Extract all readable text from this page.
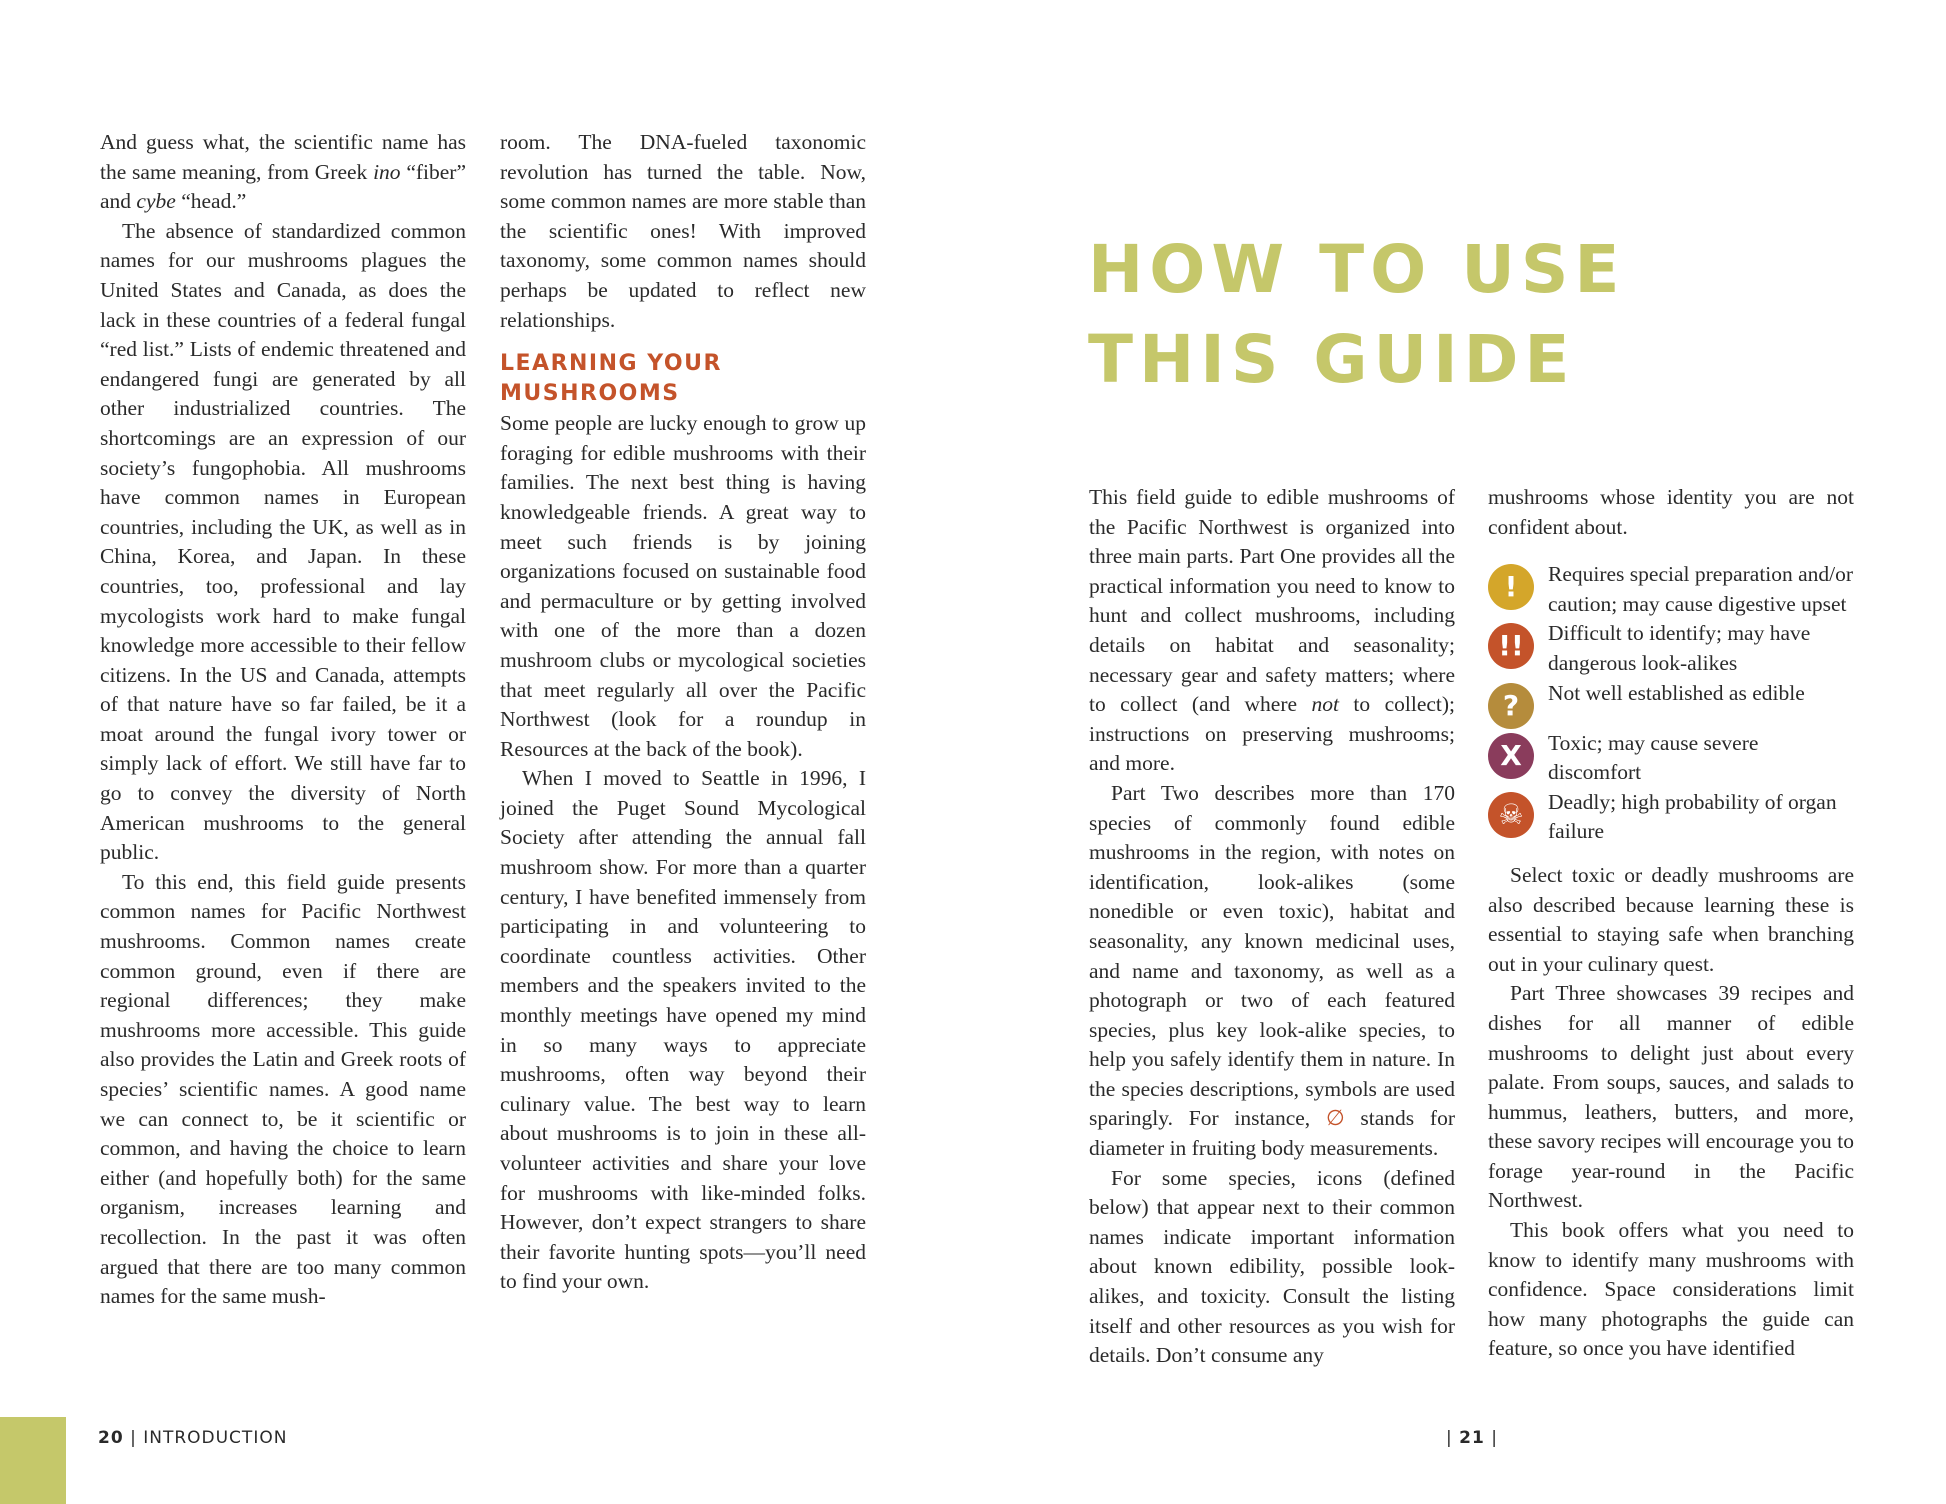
And guess what, the scientific name has the same meaning, from Greek ino “fiber” and cybe “head.”

The absence of standardized common names for our mushrooms plagues the United States and Canada, as does the lack in these countries of a federal fungal “red list.” Lists of endemic threatened and endangered fungi are generated by all other industrialized countries. The shortcomings are an expression of our society’s fungophobia. All mushrooms have common names in European countries, including the UK, as well as in China, Korea, and Japan. In these countries, too, professional and lay mycologists work hard to make fungal knowledge more accessible to their fellow citizens. In the US and Canada, attempts of that nature have so far failed, be it a moat around the fungal ivory tower or simply lack of effort. We still have far to go to convey the diversity of North American mushrooms to the general public.

To this end, this field guide presents common names for Pacific Northwest mushrooms. Common names create common ground, even if there are regional differences; they make mushrooms more accessible. This guide also provides the Latin and Greek roots of species’ scientific names. A good name we can connect to, be it scientific or common, and having the choice to learn either (and hopefully both) for the same organism, increases learning and recollection. In the past it was often argued that there are too many common names for the same mush-

room. The DNA-fueled taxonomic revolution has turned the table. Now, some common names are more stable than the scientific ones! With improved taxonomy, some common names should perhaps be updated to reflect new relationships.

LEARNING YOUR MUSHROOMS

Some people are lucky enough to grow up foraging for edible mushrooms with their families. The next best thing is having knowledgeable friends. A great way to meet such friends is by joining organizations focused on sustainable food and permaculture or by getting involved with one of the more than a dozen mushroom clubs or mycological societies that meet regularly all over the Pacific Northwest (look for a roundup in Resources at the back of the book).

When I moved to Seattle in 1996, I joined the Puget Sound Mycological Society after attending the annual fall mushroom show. For more than a quarter century, I have benefited immensely from participating in and volunteering to coordinate countless activities. Other members and the speakers invited to the monthly meetings have opened my mind in so many ways to appreciate mushrooms, often way beyond their culinary value. The best way to learn about mushrooms is to join in these all-volunteer activities and share your love for mushrooms with like-minded folks. However, don’t expect strangers to share their favorite hunting spots—you’ll need to find your own.

20 | INTRODUCTION
HOW TO USE
THIS GUIDE

This field guide to edible mushrooms of the Pacific Northwest is organized into three main parts. Part One provides all the practical information you need to know to hunt and collect mushrooms, including details on habitat and seasonality; necessary gear and safety matters; where to collect (and where not to collect); instructions on preserving mushrooms; and more.

Part Two describes more than 170 species of commonly found edible mushrooms in the region, with notes on identification, look-alikes (some nonedible or even toxic), habitat and seasonality, any known medicinal uses, and name and taxonomy, as well as a photograph or two of each featured species, plus key look-alike species, to help you safely identify them in nature. In the species descriptions, symbols are used sparingly. For instance, ∅ stands for diameter in fruiting body measurements.

For some species, icons (defined below) that appear next to their common names indicate important information about known edibility, possible look-alikes, and toxicity. Consult the listing itself and other resources as you wish for details. Don’t consume any

mushrooms whose identity you are not confident about.

!	Requires special preparation and/or caution; may cause digestive upset
!!	Difficult to identify; may have dangerous look-alikes
?	Not well established as edible
X	Toxic; may cause severe discomfort
☠	Deadly; high probability of organ failure

Select toxic or deadly mushrooms are also described because learning these is essential to staying safe when branching out in your culinary quest.

Part Three showcases 39 recipes and dishes for all manner of edible mushrooms to delight just about every palate. From soups, sauces, and salads to hummus, leathers, butters, and more, these savory recipes will encourage you to forage year-round in the Pacific Northwest.

This book offers what you need to know to identify many mushrooms with confidence. Space considerations limit how many photographs the guide can feature, so once you have identified

| 21 |
